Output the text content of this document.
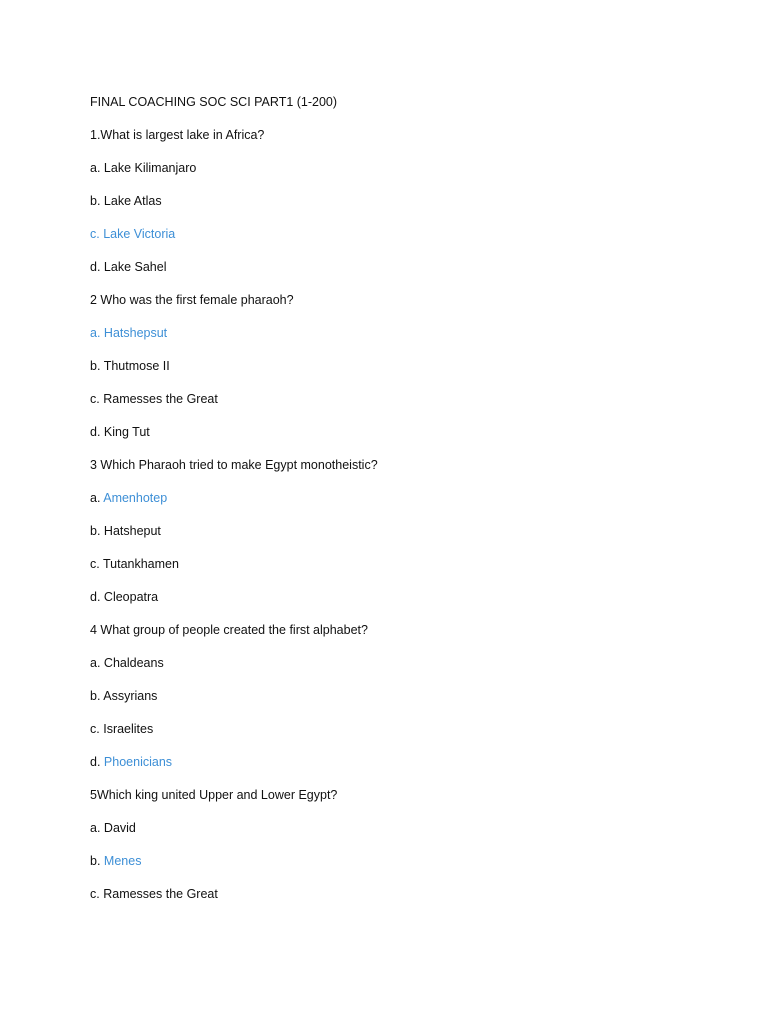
FINAL COACHING SOC SCI PART1 (1-200)
1.What is largest lake in Africa?
a. Lake Kilimanjaro
b. Lake Atlas
c. Lake Victoria
d. Lake Sahel
2 Who was the first female pharaoh?
a. Hatshepsut
b. Thutmose II
c. Ramesses the Great
d. King Tut
3 Which Pharaoh tried to make Egypt monotheistic?
a. Amenhotep
b. Hatsheput
c. Tutankhamen
d. Cleopatra
4 What group of people created the first alphabet?
a. Chaldeans
b. Assyrians
c. Israelites
d. Phoenicians
5Which king united Upper and Lower Egypt?
a. David
b. Menes
c. Ramesses the Great
